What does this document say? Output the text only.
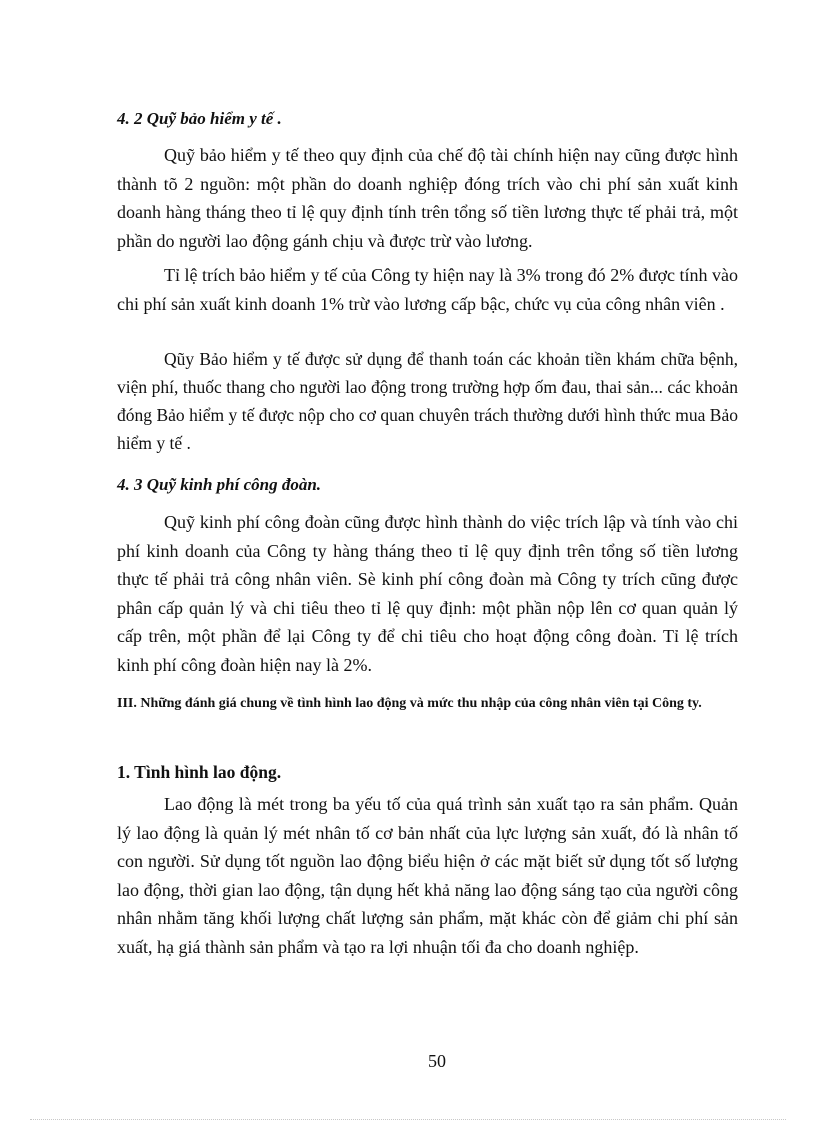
4. 2 Quỹ bảo hiểm y tế .

Quỹ bảo hiểm y tế theo quy định của chế độ tài chính hiện nay cũng được hình thành tõ 2 nguồn: một phần do doanh nghiệp đóng trích vào chi phí sản xuất kinh doanh hàng tháng theo tỉ lệ quy định tính trên tổng số tiền lương thực tế phải trả, một phần do người lao động gánh chịu và được trừ vào lương.

Tỉ lệ trích bảo hiểm y tế của Công ty hiện nay là 3% trong đó 2% được tính vào chi phí sản xuất kinh doanh 1% trừ vào lương cấp bậc, chức vụ của công nhân viên .

Qũy Bảo hiểm y tế được sử dụng để thanh toán các khoản tiền khám chữa bệnh, viện phí, thuốc thang cho người lao động trong trường hợp ốm đau, thai sản... các khoản đóng Bảo hiểm y tế được nộp cho cơ quan chuyên trách thường dưới hình thức mua Bảo hiểm y tế .

4. 3 Quỹ kinh phí công đoàn.

Quỹ kinh phí công đoàn cũng được hình thành do việc trích lập và tính vào chi phí kinh doanh của Công ty hàng tháng theo tỉ lệ quy định trên tổng số tiền lương thực tế phải trả công nhân viên. Sè kinh phí công đoàn mà Công ty trích cũng được phân cấp quản lý và chi tiêu theo tỉ lệ quy định: một phần nộp lên cơ quan quản lý cấp trên, một phần để lại Công ty để chi tiêu cho hoạt động công đoàn. Tỉ lệ trích kinh phí công đoàn hiện nay là 2%.

III. Những đánh giá chung về tình hình lao động và mức thu nhập của công nhân viên tại Công ty.

1. Tình hình lao động.

Lao động là mét trong ba yếu tố của quá trình sản xuất tạo ra sản phẩm. Quản lý lao động là quản lý mét nhân tố cơ bản nhất của lực lượng sản xuất, đó là nhân tố con người. Sử dụng tốt nguồn lao động biểu hiện ở các mặt biết sử dụng tốt số lượng lao động, thời gian lao động, tận dụng hết khả năng lao động sáng tạo của người công nhân nhằm tăng khối lượng chất lượng sản phẩm, mặt khác còn để giảm chi phí sản xuất, hạ giá thành sản phẩm và tạo ra lợi nhuận tối đa cho doanh nghiệp.

50
